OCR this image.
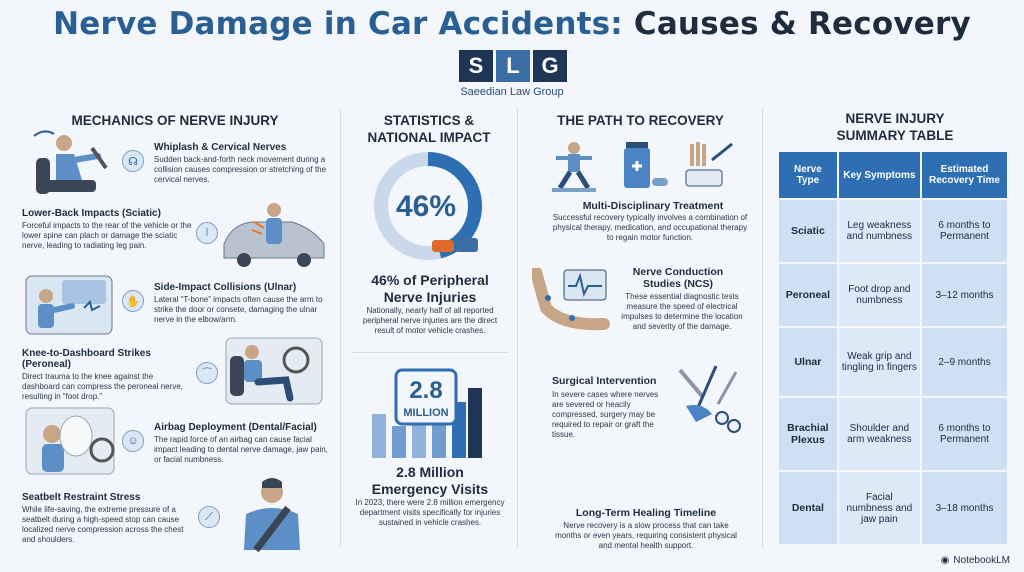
Nerve Damage in Car Accidents: Causes & Recovery
S	L G
Saeedian Law Group
MECHANICS OF NERVE INJURY
☊
Whiplash & Cervical Nerves
Sudden back-and-forth neck movement during a collision causes compression or stretching of the cervical nerves.
Lower-Back Impacts (Sciatic)
Forceful impacts to the rear of the vehicle or the lower spine can plach or damage the sciatic nerve, leading to radiating leg pain.
⦚
✋
Side-Impact Collisions (Ulnar)
Lateral “T-bone” impacts often cause the arm to strike the door or consete, damaging the ulnar nerve in the elbow/arm.
Knee-to-Dashboard Strikes (Peroneal)
Direct trauma to the knee against the dashboard can compress the peroneal nerve, resulting in “foot drop.”
⌒
☺
Airbag Deployment (Dental/Facial)
The rapid force of an airbag can cause facial impact leading to dental nerve damage, jaw pain, or facial numbness.
Seatbelt Restraint Stress
While life-saving, the extreme pressure of a seatbelt during a high-speed stop can cause localized nerve compression across the chest and shoulders.
⟋
STATISTICS &
NATIONAL IMPACT
46%
46% of Peripheral
Nerve Injuries
Nationally, nearly half of all reported peripheral nerve injuries are the direct result of motor vehicle crashes.
2.8
MILLION
2.8 Million
Emergency Visits
In 2023, there were 2.8 million emergency department visits specifically for injuries sustained in vehicle crashes.
THE PATH TO RECOVERY
Multi-Disciplinary Treatment
Successful recovery typically involves a combination of physical therapy, medication, and occupational therapy to regain motor function.
Nerve Conduction Studies (NCS)
These essential diagnostic tests measure the speed of electrical impulses to determine the location and severity of the damage.
Surgical Intervention
In severe cases where nerves are severed or heacily compressed, surgery may be required to repair or graft the tissue.
Long-Term Healing Timeline
Nerve recovery is a slow process that can take months or even years, requiring consistent physical and mental health support.
NERVE INJURY
SUMMARY TABLE
Nerve Type	Key Symptoms	Estimated Recovery Time
Sciatic	Leg weakness and numbness	6 months to Permanent
Peroneal	Foot drop and numbness	3–12 months
Ulnar	Weak grip and tingling in fingers	2–9 months
Brachial Plexus	Shoulder and arm weakness	6 months to Permanent
Dental	Facial numbness and jaw pain	3–18 months
◉ NotebookLM
